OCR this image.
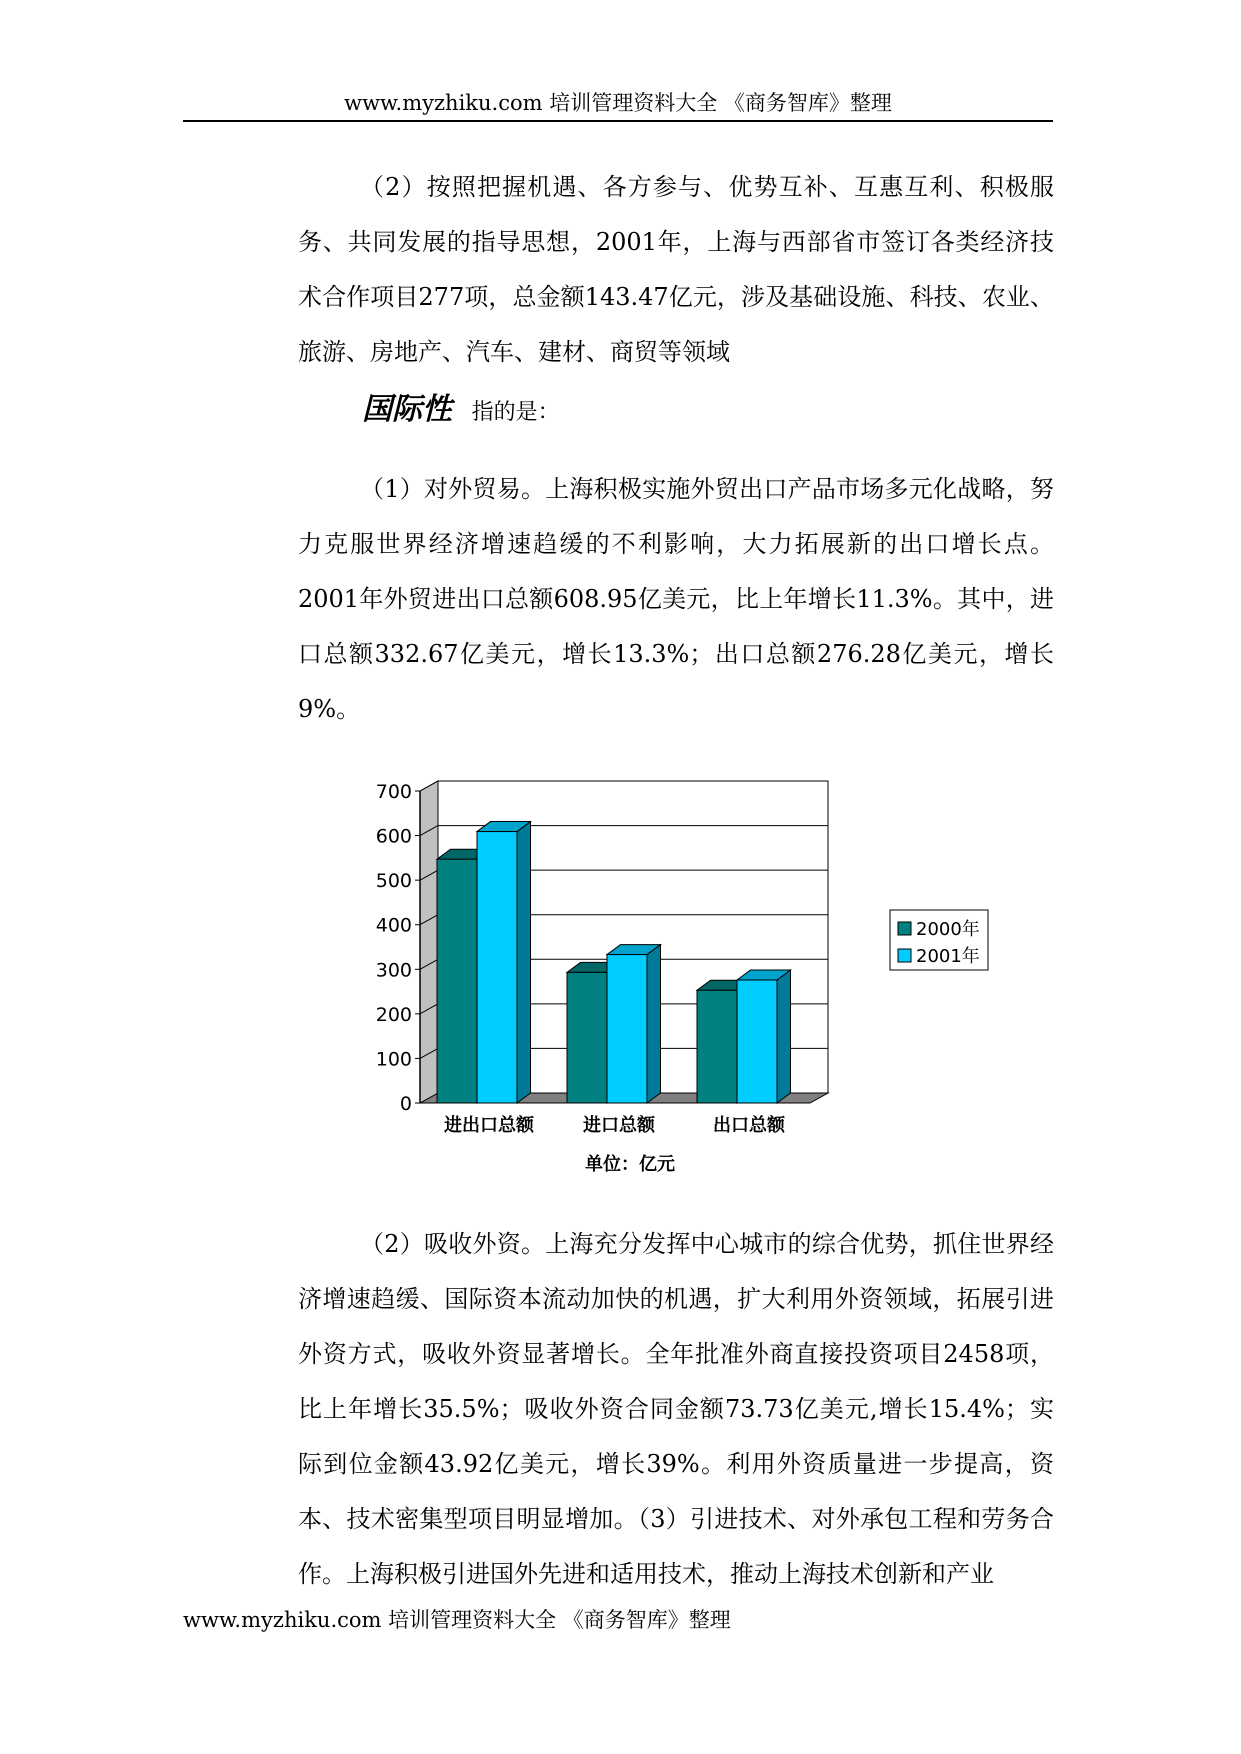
www.myzhiku.com 培训管理资料大全 《商务智库》整理

（2）按照把握机遇、各方参与、优势互补、互惠互利、积极服务、共同发展的指导思想，2001年，上海与西部省市签订各类经济技术合作项目277项，总金额143.47亿元，涉及基础设施、科技、农业、旅游、房地产、汽车、建材、商贸等领域

国际性 指的是：

（1）对外贸易。上海积极实施外贸出口产品市场多元化战略，努力克服世界经济增速趋缓的不利影响，大力拓展新的出口增长点。2001年外贸进出口总额608.95亿美元，比上年增长11.3%。其中，进口总额332.67亿美元，增长13.3%；出口总额276.28亿美元，增长9%。

0
100
200
300
400
500
600
700
进出口总额	进口总额	出口总额
2000年
2001年
单位：亿元

（2）吸收外资。上海充分发挥中心城市的综合优势，抓住世界经济增速趋缓、国际资本流动加快的机遇，扩大利用外资领域，拓展引进外资方式，吸收外资显著增长。全年批准外商直接投资项目2458项，比上年增长35.5%；吸收外资合同金额73.73亿美元,增长15.4%；实际到位金额43.92亿美元，增长39%。利用外资质量进一步提高，资本、技术密集型项目明显增加。（3）引进技术、对外承包工程和劳务合作。上海积极引进国外先进和适用技术，推动上海技术创新和产业

www.myzhiku.com 培训管理资料大全 《商务智库》整理
